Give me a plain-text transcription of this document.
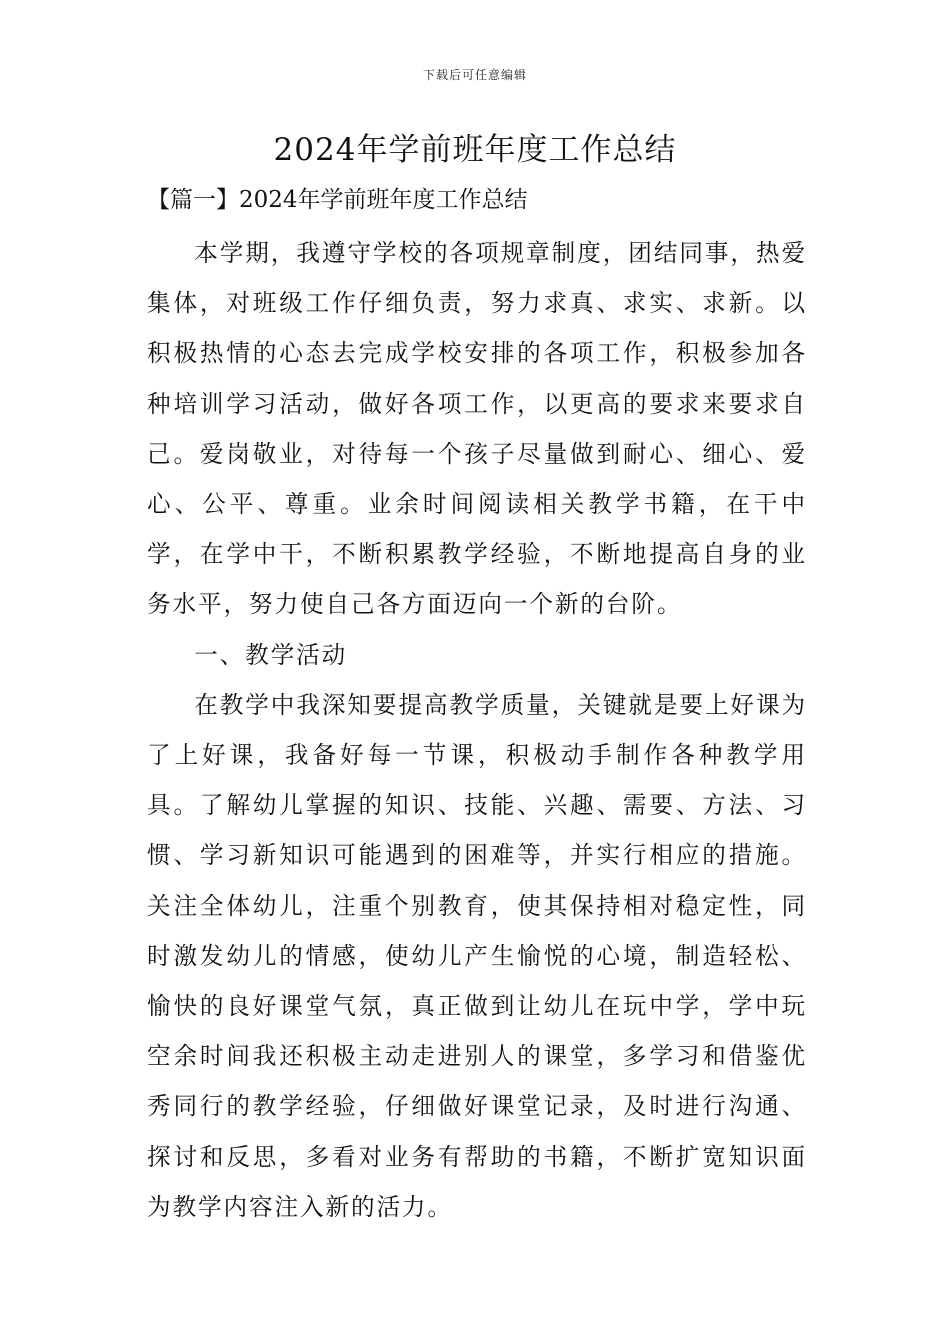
下载后可任意编辑
2024年学前班年度工作总结
【篇一】2024年学前班年度工作总结

本学期，我遵守学校的各项规章制度，团结同事，热爱集体，对班级工作仔细负责，努力求真、求实、求新。以积极热情的心态去完成学校安排的各项工作，积极参加各种培训学习活动，做好各项工作，以更高的要求来要求自己。爱岗敬业，对待每一个孩子尽量做到耐心、细心、爱心、公平、尊重。业余时间阅读相关教学书籍，在干中学，在学中干，不断积累教学经验，不断地提高自身的业务水平，努力使自己各方面迈向一个新的台阶。

一、教学活动

在教学中我深知要提高教学质量，关键就是要上好课为了上好课，我备好每一节课，积极动手制作各种教学用具。了解幼儿掌握的知识、技能、兴趣、需要、方法、习惯、学习新知识可能遇到的困难等，并实行相应的措施。关注全体幼儿，注重个别教育，使其保持相对稳定性，同时激发幼儿的情感，使幼儿产生愉悦的心境，制造轻松、愉快的良好课堂气氛，真正做到让幼儿在玩中学，学中玩空余时间我还积极主动走进别人的课堂，多学习和借鉴优秀同行的教学经验，仔细做好课堂记录，及时进行沟通、探讨和反思，多看对业务有帮助的书籍，不断扩宽知识面为教学内容注入新的活力。
